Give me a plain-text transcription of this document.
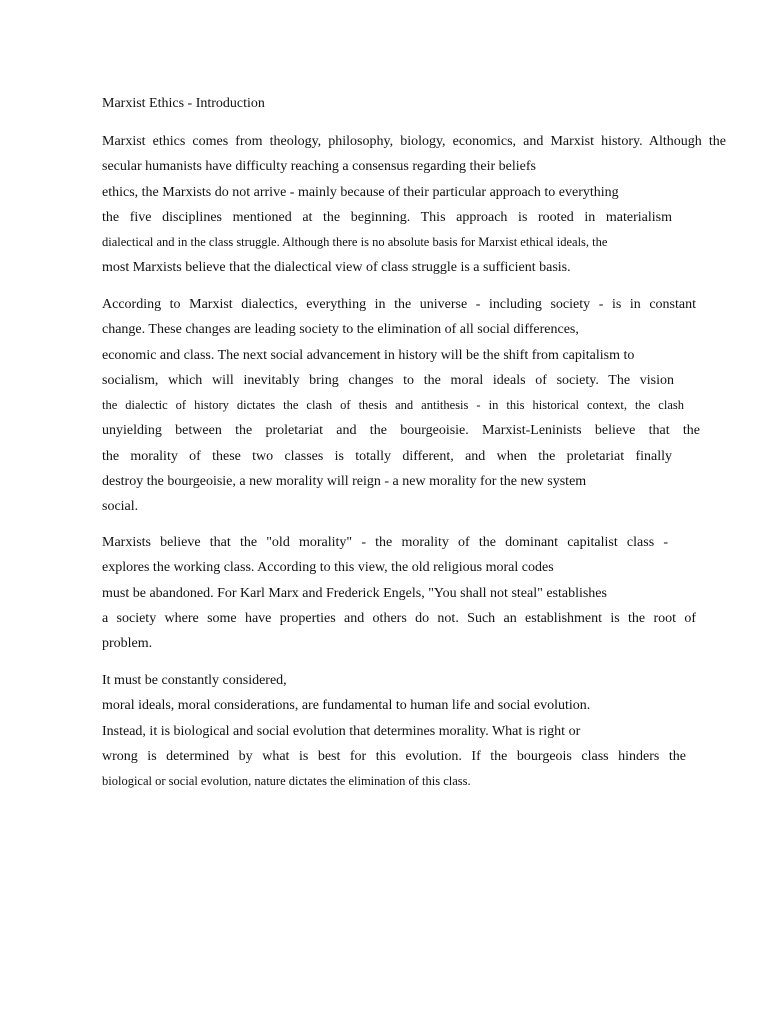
Marxist Ethics - Introduction
Marxist ethics comes from theology, philosophy, biology, economics, and Marxist history. Although the
secular humanists have difficulty reaching a consensus regarding their beliefs
ethics, the Marxists do not arrive - mainly because of their particular approach to everything
the five disciplines mentioned at the beginning. This approach is rooted in materialism
dialectical and in the class struggle. Although there is no absolute basis for Marxist ethical ideals, the
most Marxists believe that the dialectical view of class struggle is a sufficient basis.
According to Marxist dialectics, everything in the universe - including society - is in constant
change. These changes are leading society to the elimination of all social differences,
economic and class. The next social advancement in history will be the shift from capitalism to
socialism, which will inevitably bring changes to the moral ideals of society. The vision
the dialectic of history dictates the clash of thesis and antithesis - in this historical context, the clash
unyielding between the proletariat and the bourgeoisie. Marxist-Leninists believe that the
the morality of these two classes is totally different, and when the proletariat finally
destroy the bourgeoisie, a new morality will reign - a new morality for the new system
social.
Marxists believe that the "old morality" - the morality of the dominant capitalist class -
explores the working class. According to this view, the old religious moral codes
must be abandoned. For Karl Marx and Frederick Engels, "You shall not steal" establishes
a society where some have properties and others do not. Such an establishment is the root of
problem.
It must be constantly considered,
moral ideals, moral considerations, are fundamental to human life and social evolution.
Instead, it is biological and social evolution that determines morality. What is right or
wrong is determined by what is best for this evolution. If the bourgeois class hinders the
biological or social evolution, nature dictates the elimination of this class.
